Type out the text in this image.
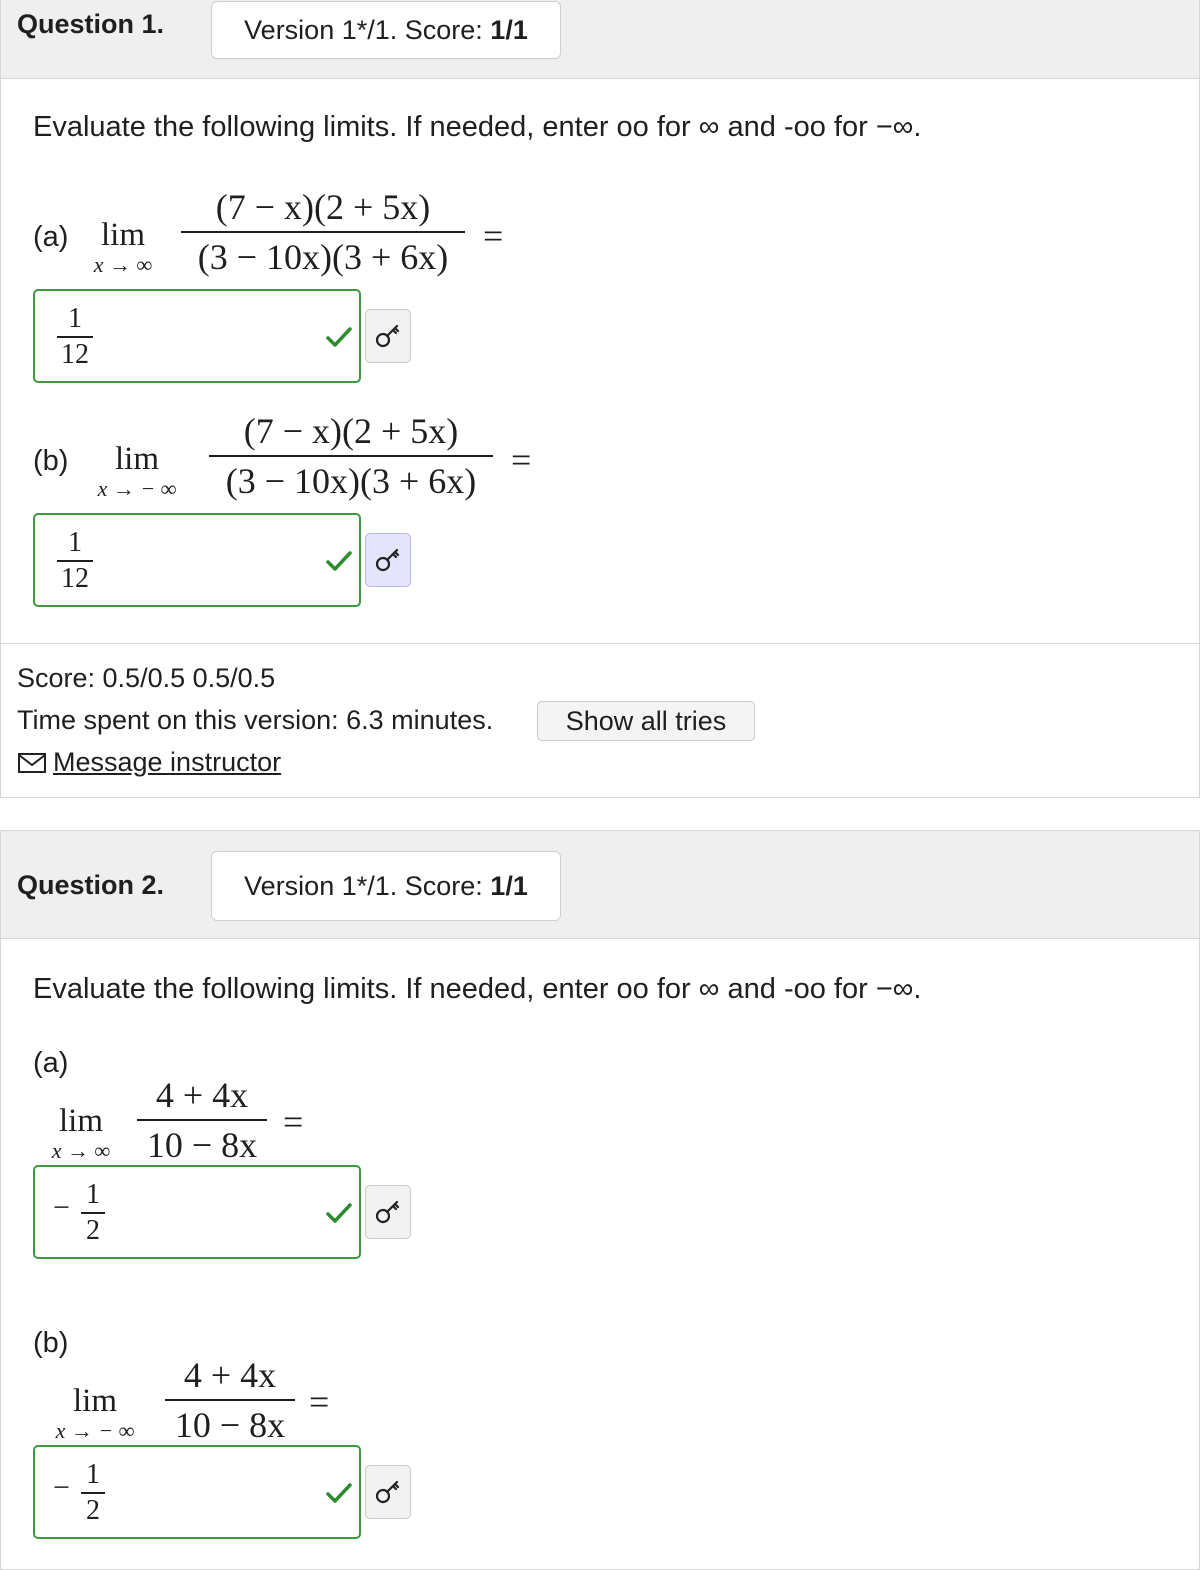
Question 1.	Version 1*/1. Score: 1/1
Evaluate the following limits. If needed, enter oo for ∞ and -oo for −∞.
(a) lim
x → ∞
(7 − x)(2 + 5x)
(3 − 10x)(3 + 6x)
=
1
12
(b)	lim
x → − ∞
(7 − x)(2 + 5x)
(3 − 10x)(3 + 6x)
=
1
12
Score: 0.5/0.5 0.5/0.5
Time spent on this version: 6.3 minutes.	Show all tries
Message instructor
Question 2.	Version 1*/1. Score: 1/1
Evaluate the following limits. If needed, enter oo for ∞ and -oo for −∞.
(a)
lim
x → ∞
4 + 4x
10 − 8x
=
− 1
2
(b)
lim
x → − ∞
4 + 4x
10 − 8x
=
− 1
2
